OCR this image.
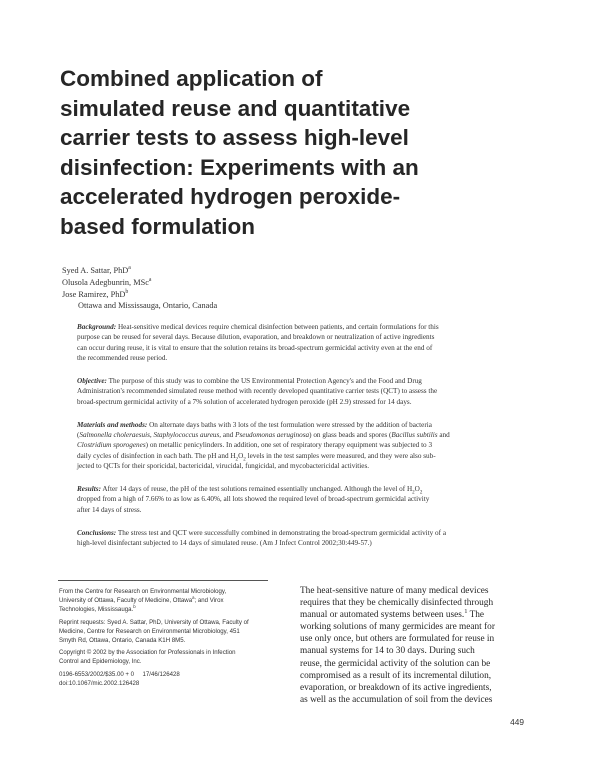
Combined application of
simulated reuse and quantitative
carrier tests to assess high-level
disinfection: Experiments with an
accelerated hydrogen peroxide-
based formulation
Syed A. Sattar, PhD$^a$
Olusola Adegbunrin, MSc$^a$
Jose Ramirez, PhD$^b$
Ottawa and Mississauga, Ontario, Canada

Background: Heat-sensitive medical devices require chemical disinfection between patients, and certain formulations for this
purpose can be reused for several days. Because dilution, evaporation, and breakdown or neutralization of active ingredients
can occur during reuse, it is vital to ensure that the solution retains its broad-spectrum germicidal activity even at the end of
the recommended reuse period.

Objective: The purpose of this study was to combine the US Environmental Protection Agency's and the Food and Drug
Administration's recommended simulated reuse method with recently developed quantitative carrier tests (QCT) to assess the
broad-spectrum germicidal activity of a 7% solution of accelerated hydrogen peroxide (pH 2.9) stressed for 14 days.

Materials and methods: On alternate days baths with 3 lots of the test formulation were stressed by the addition of bacteria
(Salmonella choleraesuis, Staphylococcus aureus, and Pseudomonas aeruginosa) on glass beads and spores (Bacillus subtilis and
Clostridium sporogenes) on metallic penicylinders. In addition, one set of respiratory therapy equipment was subjected to 3
daily cycles of disinfection in each bath. The pH and $H_2O_2$ levels in the test samples were measured, and they were also sub-
jected to QCTs for their sporicidal, bactericidal, virucidal, fungicidal, and mycobactericidal activities.

Results: After 14 days of reuse, the pH of the test solutions remained essentially unchanged. Although the level of $H_2O_2$
dropped from a high of 7.66% to as low as 6.40%, all lots showed the required level of broad-spectrum germicidal activity
after 14 days of stress.

Conclusions: The stress test and QCT were successfully combined in demonstrating the broad-spectrum germicidal activity of a
high-level disinfectant subjected to 14 days of simulated reuse. (Am J Infect Control 2002;30:449-57.)

From the Centre for Research on Environmental Microbiology,
University of Ottawa, Faculty of Medicine, Ottawa$^a$; and Virox
Technologies, Mississauga.$^b$

Reprint requests: Syed A. Sattar, PhD, University of Ottawa, Faculty of
Medicine, Centre for Research on Environmental Microbiology, 451
Smyth Rd, Ottawa, Ontario, Canada K1H 8M5.

Copyright © 2002 by the Association for Professionals in Infection
Control and Epidemiology, Inc.

0196-6553/2002/$35.00 + 0     17/46/126428
doi:10.1067/mic.2002.126428

The heat-sensitive nature of many medical devices
requires that they be chemically disinfected through
manual or automated systems between uses.$^1$ The
working solutions of many germicides are meant for
use only once, but others are formulated for reuse in
manual systems for 14 to 30 days. During such
reuse, the germicidal activity of the solution can be
compromised as a result of its incremental dilution,
evaporation, or breakdown of its active ingredients,
as well as the accumulation of soil from the devices
449
